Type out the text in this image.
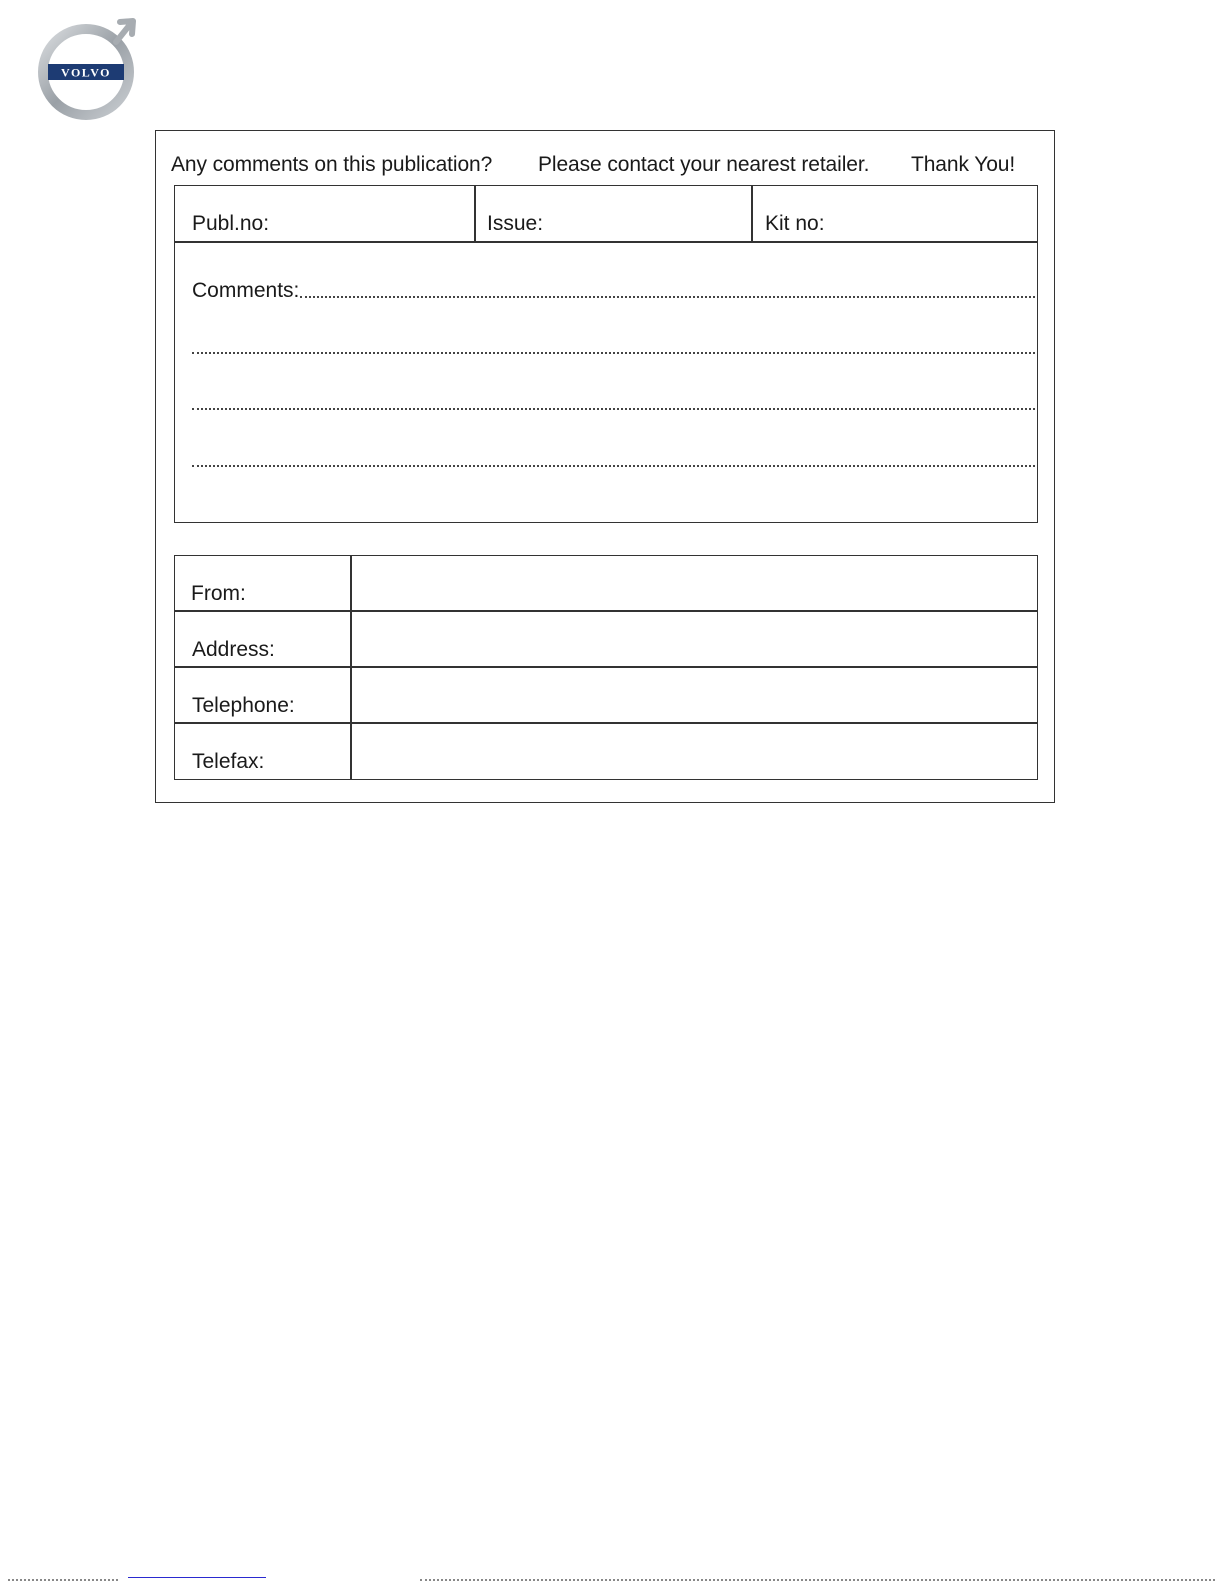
VOLVO
Any comments on this publication? Please contact your nearest retailer. Thank You!
Publ.no:	Issue:	Kit no:
Comments:
From:
Address:
Telephone:
Telefax:
